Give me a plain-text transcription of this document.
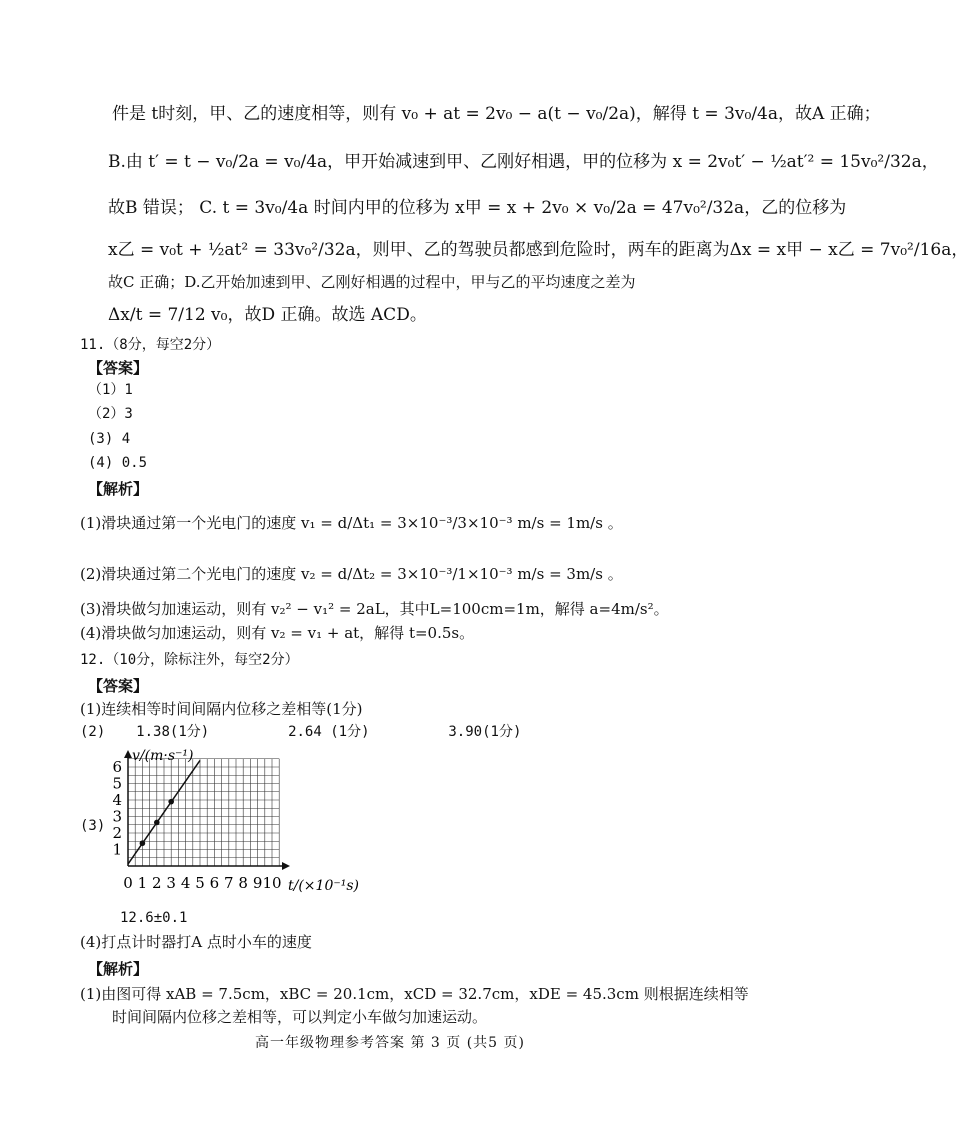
件是 t时刻，甲、乙的速度相等，则有 v₀ + at = 2v₀ − a(t − v₀/2a)，解得 t = 3v₀/4a，故A 正确；
B.由 t′ = t − v₀/2a = v₀/4a，甲开始减速到甲、乙刚好相遇，甲的位移为 x = 2v₀t′ − ½at′² = 15v₀²/32a，
故B 错误； C. t = 3v₀/4a 时间内甲的位移为 x甲 = x + 2v₀ × v₀/2a = 47v₀²/32a，乙的位移为
x乙 = v₀t + ½at² = 33v₀²/32a，则甲、乙的驾驶员都感到危险时，两车的距离为Δx = x甲 − x乙 = 7v₀²/16a，
故C 正确；D.乙开始加速到甲、乙刚好相遇的过程中，甲与乙的平均速度之差为
Δx/t = 7/12 v₀，故D 正确。故选 ACD。
11.（8分，每空2分）
【答案】
（1）1
（2）3
(3) 4
(4) 0.5
【解析】
(1)滑块通过第一个光电门的速度 v₁ = d/Δt₁ = 3×10⁻³/3×10⁻³ m/s = 1m/s 。
(2)滑块通过第二个光电门的速度 v₂ = d/Δt₂ = 3×10⁻³/1×10⁻³ m/s = 3m/s 。
(3)滑块做匀加速运动，则有 v₂² − v₁² = 2aL，其中L=100cm=1m，解得 a=4m/s²。
(4)滑块做匀加速运动，则有 v₂ = v₁ + at，解得 t=0.5s。
12.（10分，除标注外，每空2分）
【答案】
(1)连续相等时间间隔内位移之差相等(1分)
(2) 1.38(1分)	2.64 (1分)	3.90(1分)
(3)
v/(m·s⁻¹)
t/(×10⁻¹s)
0 1 2 3 4 5 6 7 8 9 10
1
2
3
4
5
6
12.6±0.1
(4)打点计时器打A 点时小车的速度
【解析】
(1)由图可得 xAB = 7.5cm，xBC = 20.1cm，xCD = 32.7cm，xDE = 45.3cm 则根据连续相等
时间间隔内位移之差相等，可以判定小车做匀加速运动。
高一年级物理参考答案 第 3 页 (共5 页)
